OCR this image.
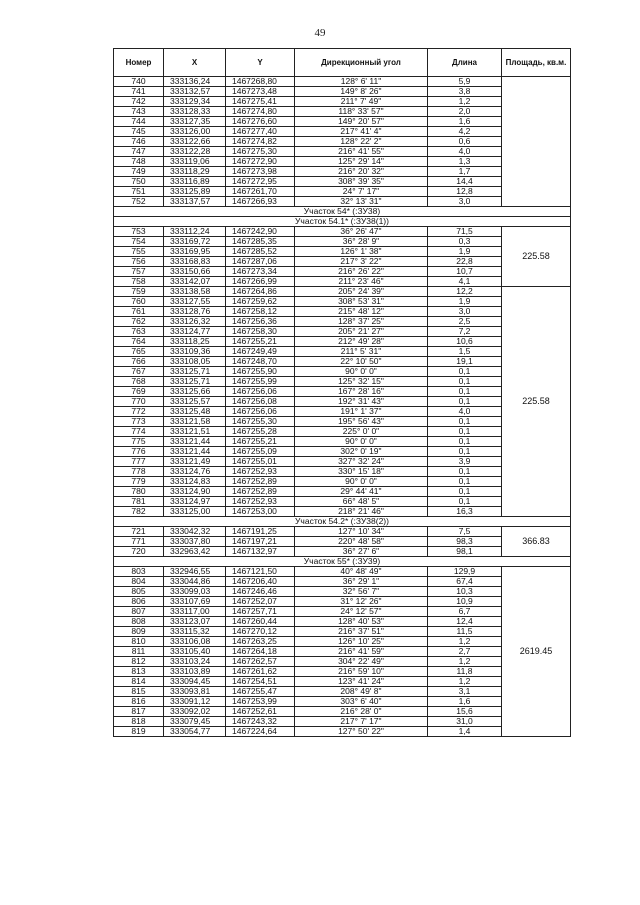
49
Номер	X	Y	Дирекционный угол	Длина	Площадь, кв.м.
740	333136,24	1467268,80	128° 6' 11"	5,9	
741	333132,57	1467273,48	149° 8' 26"	3,8	
742	333129,34	1467275,41	211° 7' 49"	1,2	
743	333128,33	1467274,80	118° 33' 57"	2,0	
744	333127,35	1467276,60	149° 20' 57"	1,6	
745	333126,00	1467277,40	217° 41' 4"	4,2	
746	333122,66	1467274,82	128° 22' 2"	0,6	
747	333122,28	1467275,30	216° 41' 55"	4,0	
748	333119,06	1467272,90	125° 29' 14"	1,3	
749	333118,29	1467273,98	216° 20' 32"	1,7	
750	333116,89	1467272,95	308° 39' 35"	14,4	
751	333125,89	1467261,70	24° 7' 17"	12,8	
752	333137,57	1467266,93	32° 13' 31"	3,0	
Участок 54* (:ЗУ38)					
Участок 54.1* (:ЗУ38(1))					
753	333112,24	1467242,90	36° 26' 47"	71,5	225.58
754	333169,72	1467285,35	36° 28' 9"	0,3	
755	333169,95	1467285,52	126° 1' 38"	1,9	
756	333168,83	1467287,06	217° 3' 22"	22,8	
757	333150,66	1467273,34	216° 26' 22"	10,7	
758	333142,07	1467266,99	211° 23' 46"	4,1	
759	333138,58	1467264,86	205° 24' 39"	12,2	225.58
760	333127,55	1467259,62	308° 53' 31"	1,9	
761	333128,76	1467258,12	215° 48' 12"	3,0	
762	333126,32	1467256,36	128° 37' 25"	2,5	
763	333124,77	1467258,30	205° 21' 27"	7,2	
764	333118,25	1467255,21	212° 49' 28"	10,6	
765	333109,36	1467249,49	211° 5' 31"	1,5	
766	333108,05	1467248,70	22° 10' 50"	19,1	
767	333125,71	1467255,90	90° 0' 0"	0,1	
768	333125,71	1467255,99	125° 32' 15"	0,1	
769	333125,66	1467256,06	167° 28' 16"	0,1	
770	333125,57	1467256,08	192° 31' 43"	0,1	
772	333125,48	1467256,06	191° 1' 37"	4,0	
773	333121,58	1467255,30	195° 56' 43"	0,1	
774	333121,51	1467255,28	225° 0' 0"	0,1	
775	333121,44	1467255,21	90° 0' 0"	0,1	
776	333121,44	1467255,09	302° 0' 19"	0,1	
777	333121,49	1467255,01	327° 32' 24"	3,9	
778	333124,76	1467252,93	330° 15' 18"	0,1	
779	333124,83	1467252,89	90° 0' 0"	0,1	
780	333124,90	1467252,89	29° 44' 41"	0,1	
781	333124,97	1467252,93	66° 48' 5"	0,1	
782	333125,00	1467253,00	218° 21' 46"	16,3	
Участок 54.2* (:ЗУ38(2))					
721	333042,32	1467191,25	127° 10' 34"	7,5	366.83
771	333037,80	1467197,21	220° 48' 58"	98,3	
720	332963,42	1467132,97	36° 27' 6"	98,1	
Участок 55* (:ЗУ39)					
803	332946,55	1467121,50	40° 48' 49"	129,9	2619.45
804	333044,86	1467206,40	36° 29' 1"	67,4	
805	333099,03	1467246,46	32° 56' 7"	10,3	
806	333107,69	1467252,07	31° 12' 26"	10,9	
807	333117,00	1467257,71	24° 12' 57"	6,7	
808	333123,07	1467260,44	128° 40' 53"	12,4	
809	333115,32	1467270,12	216° 37' 51"	11,5	
810	333106,08	1467263,25	126° 10' 25"	1,2	
811	333105,40	1467264,18	216° 41' 59"	2,7	
812	333103,24	1467262,57	304° 22' 49"	1,2	
813	333103,89	1467261,62	216° 59' 10"	11,8	
814	333094,45	1467254,51	123° 41' 24"	1,2	
815	333093,81	1467255,47	208° 49' 8"	3,1	
816	333091,12	1467253,99	303° 6' 40"	1,6	
817	333092,02	1467252,61	216° 28' 0"	15,6	
818	333079,45	1467243,32	217° 7' 17"	31,0	
819	333054,77	1467224,64	127° 50' 22"	1,4	
